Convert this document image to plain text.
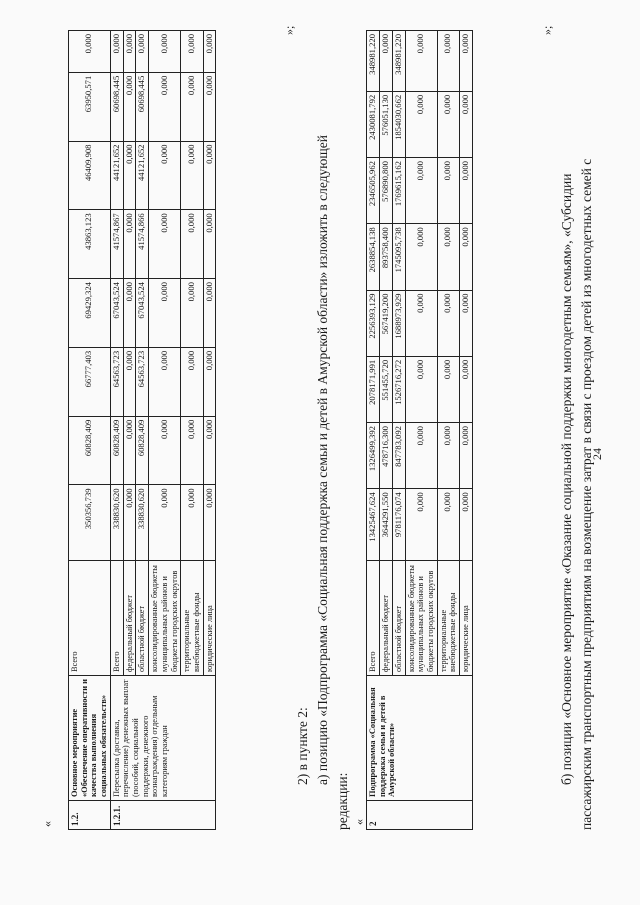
«
24
1.2.	Основное мероприятие «Обеспечение оперативности и качества выполнения социальных обязательств»	Всего	350356,739	60828,409	66777,403	69429,324	43863,123	46409,908	63950,571	0,000
1.2.1.	Пересылка (доставка, перечисление) денежных выплат (пособий, социальной поддержки, денежного вознаграждения) отдельным категориям граждан	Всего	338830,620	60828,409	64563,723	67043,524	41574,867	44121,652	60698,445	0,000
		федеральный бюджет	0,000	0,000	0,000	0,000	0,000	0,000	0,000	0,000
		областной бюджет	338830,620	60828,409	64563,723	67043,524	41574,866	44121,652	60698,445	0,000
		консолидированные бюджеты муниципальных районов и бюджеты городских округов	0,000	0,000	0,000	0,000	0,000	0,000	0,000	0,000
		территориальные внебюджетные фонды	0,000	0,000	0,000	0,000	0,000	0,000	0,000	0,000
		юридические лица	0,000	0,000	0,000	0,000	0,000	0,000	0,000	0,000
»;
2) в пункте 2: а) позицию «Подпрограмма «Социальная поддержка семьи и детей в Амурской области» изложить в следующей
редакции: « 2	Подпрограмма «Социальная поддержка семьи и детей в Амурской области»	Всего	13425467,624	1326499,392	2078171,991	2256393,129	2638854,138	2346505,962	2430081,792	348981,220
		федеральный бюджет	3644291,550	478716,300	551455,720	567419,200	893758,400	576890,800	576051,130	0,000
		областной бюджет	9781176,074	847783,092	1526716,272	1688973,929	1745095,738	1769615,162	1854030,662	348981,220
		консолидированные бюджеты муниципальных районов и бюджеты городских округов	0,000	0,000	0,000	0,000	0,000	0,000	0,000	0,000
		территориальные внебюджетные фонды	0,000	0,000	0,000	0,000	0,000	0,000	0,000	0,000
		юридические лица	0,000	0,000	0,000	0,000	0,000	0,000	0,000	0,000
»;
б) позиции «Основное мероприятие «Оказание социальной поддержки многодетным семьям», «Субсидии пассажирским транспортным предприятиям на возмещение затрат в связи с проездом детей из многодетных семей с
